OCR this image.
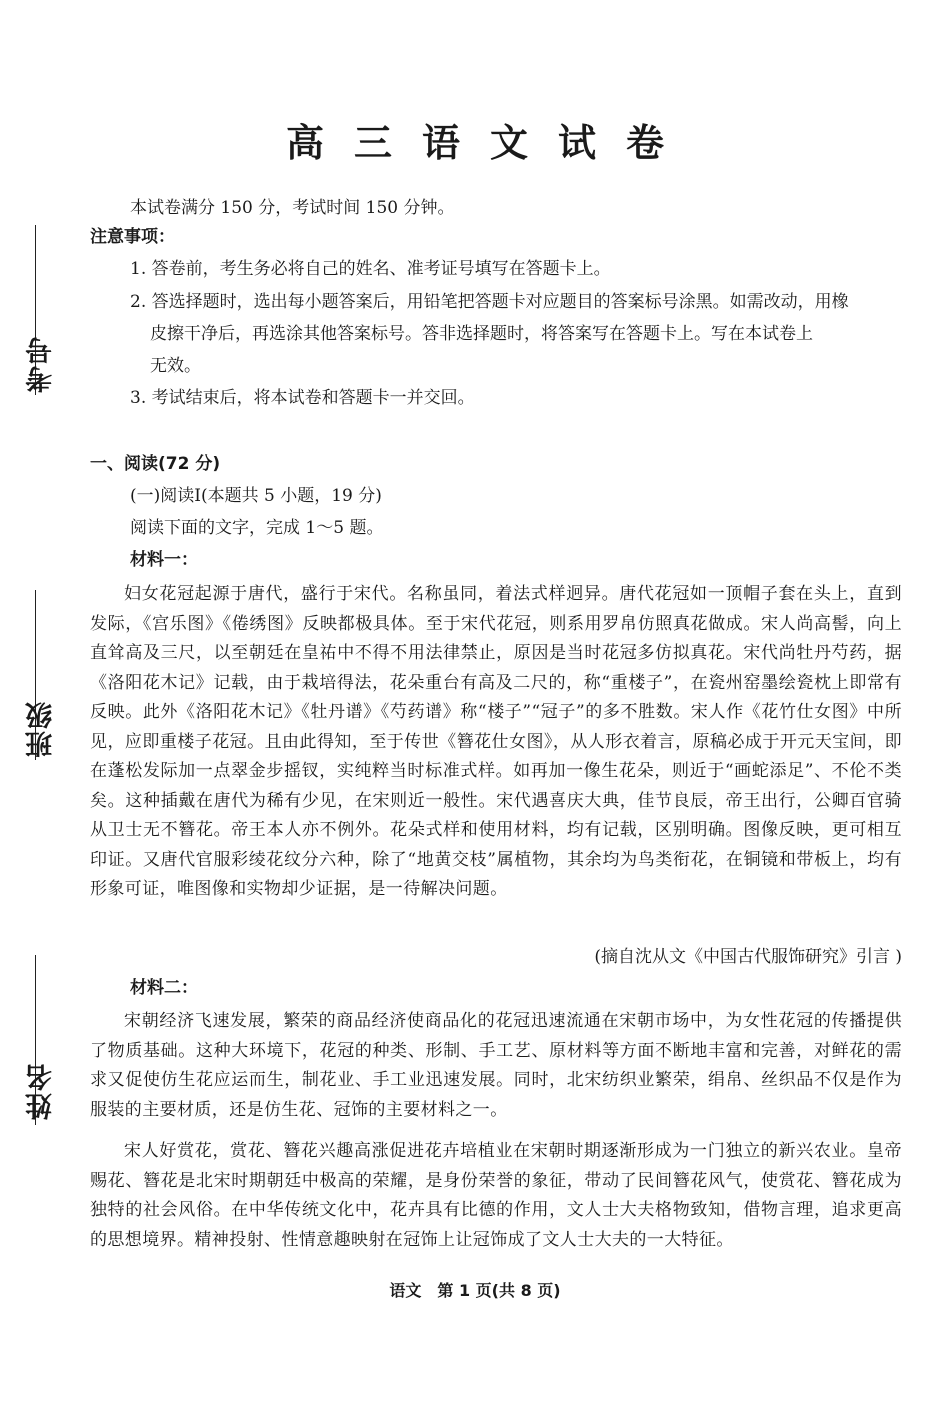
考号
班级
姓名
高三语文试卷
本试卷满分 150 分，考试时间 150 分钟。
注意事项：
1. 答卷前，考生务必将自己的姓名、准考证号填写在答题卡上。
2. 答选择题时，选出每小题答案后，用铅笔把答题卡对应题目的答案标号涂黑。如需改动，用橡
皮擦干净后，再选涂其他答案标号。答非选择题时，将答案写在答题卡上。写在本试卷上
无效。
3. 考试结束后，将本试卷和答题卡一并交回。
一、阅读(72 分)
(一)阅读Ⅰ(本题共 5 小题，19 分)
阅读下面的文字，完成 1～5 题。
材料一：
妇女花冠起源于唐代，盛行于宋代。名称虽同，着法式样迥异。唐代花冠如一顶帽子套在头上，直到发际，《宫乐图》《倦绣图》反映都极具体。至于宋代花冠，则系用罗帛仿照真花做成。宋人尚高髻，向上直耸高及三尺，以至朝廷在皇祐中不得不用法律禁止，原因是当时花冠多仿拟真花。宋代尚牡丹芍药，据《洛阳花木记》记载，由于栽培得法，花朵重台有高及二尺的，称“重楼子”，在瓷州窑墨绘瓷枕上即常有反映。此外《洛阳花木记》《牡丹谱》《芍药谱》称“楼子”“冠子”的多不胜数。宋人作《花竹仕女图》中所见，应即重楼子花冠。且由此得知，至于传世《簪花仕女图》，从人形衣着言，原稿必成于开元天宝间，即在蓬松发际加一点翠金步摇钗，实纯粹当时标准式样。如再加一像生花朵，则近于“画蛇添足”、不伦不类矣。这种插戴在唐代为稀有少见，在宋则近一般性。宋代遇喜庆大典，佳节良辰，帝王出行，公卿百官骑从卫士无不簪花。帝王本人亦不例外。花朵式样和使用材料，均有记载，区别明确。图像反映，更可相互印证。又唐代官服彩绫花纹分六种，除了“地黄交枝”属植物，其余均为鸟类衔花，在铜镜和带板上，均有形象可证，唯图像和实物却少证据，是一待解决问题。
(摘自沈从文《中国古代服饰研究》引言 )
材料二：
宋朝经济飞速发展，繁荣的商品经济使商品化的花冠迅速流通在宋朝市场中，为女性花冠的传播提供了物质基础。这种大环境下，花冠的种类、形制、手工艺、原材料等方面不断地丰富和完善，对鲜花的需求又促使仿生花应运而生，制花业、手工业迅速发展。同时，北宋纺织业繁荣，绢帛、丝织品不仅是作为服装的主要材质，还是仿生花、冠饰的主要材料之一。
宋人好赏花，赏花、簪花兴趣高涨促进花卉培植业在宋朝时期逐渐形成为一门独立的新兴农业。皇帝赐花、簪花是北宋时期朝廷中极高的荣耀，是身份荣誉的象征，带动了民间簪花风气，使赏花、簪花成为独特的社会风俗。在中华传统文化中，花卉具有比德的作用，文人士大夫格物致知，借物言理，追求更高的思想境界。精神投射、性情意趣映射在冠饰上让冠饰成了文人士大夫的一大特征。
语文　第 1 页(共 8 页)
